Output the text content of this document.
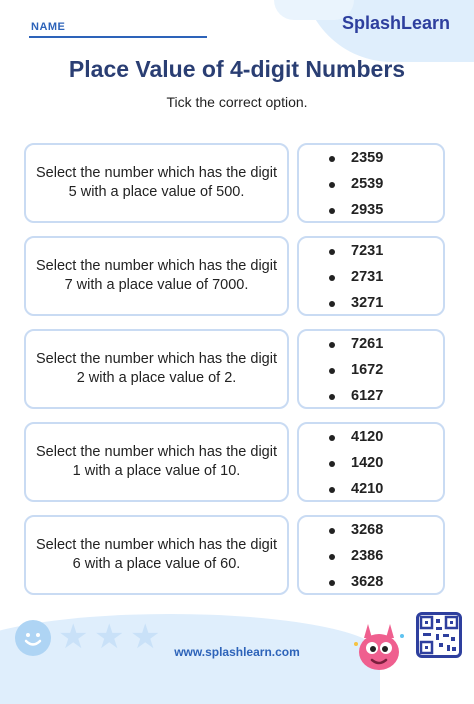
NAME	SplashLearn
Place Value of 4-digit Numbers
Tick the correct option.
Select the number which has the digit 5 with a place value of 500.
2359
2539
2935
Select the number which has the digit 7 with a place value of 7000.
7231
2731
3271
Select the number which has the digit 2 with a place value of 2.
7261
1672
6127
Select the number which has the digit 1 with a place value of 10.
4120
1420
4210
Select the number which has the digit 6 with a place value of 60.
3268
2386
3628
★ ★ ★	www.splashlearn.com
